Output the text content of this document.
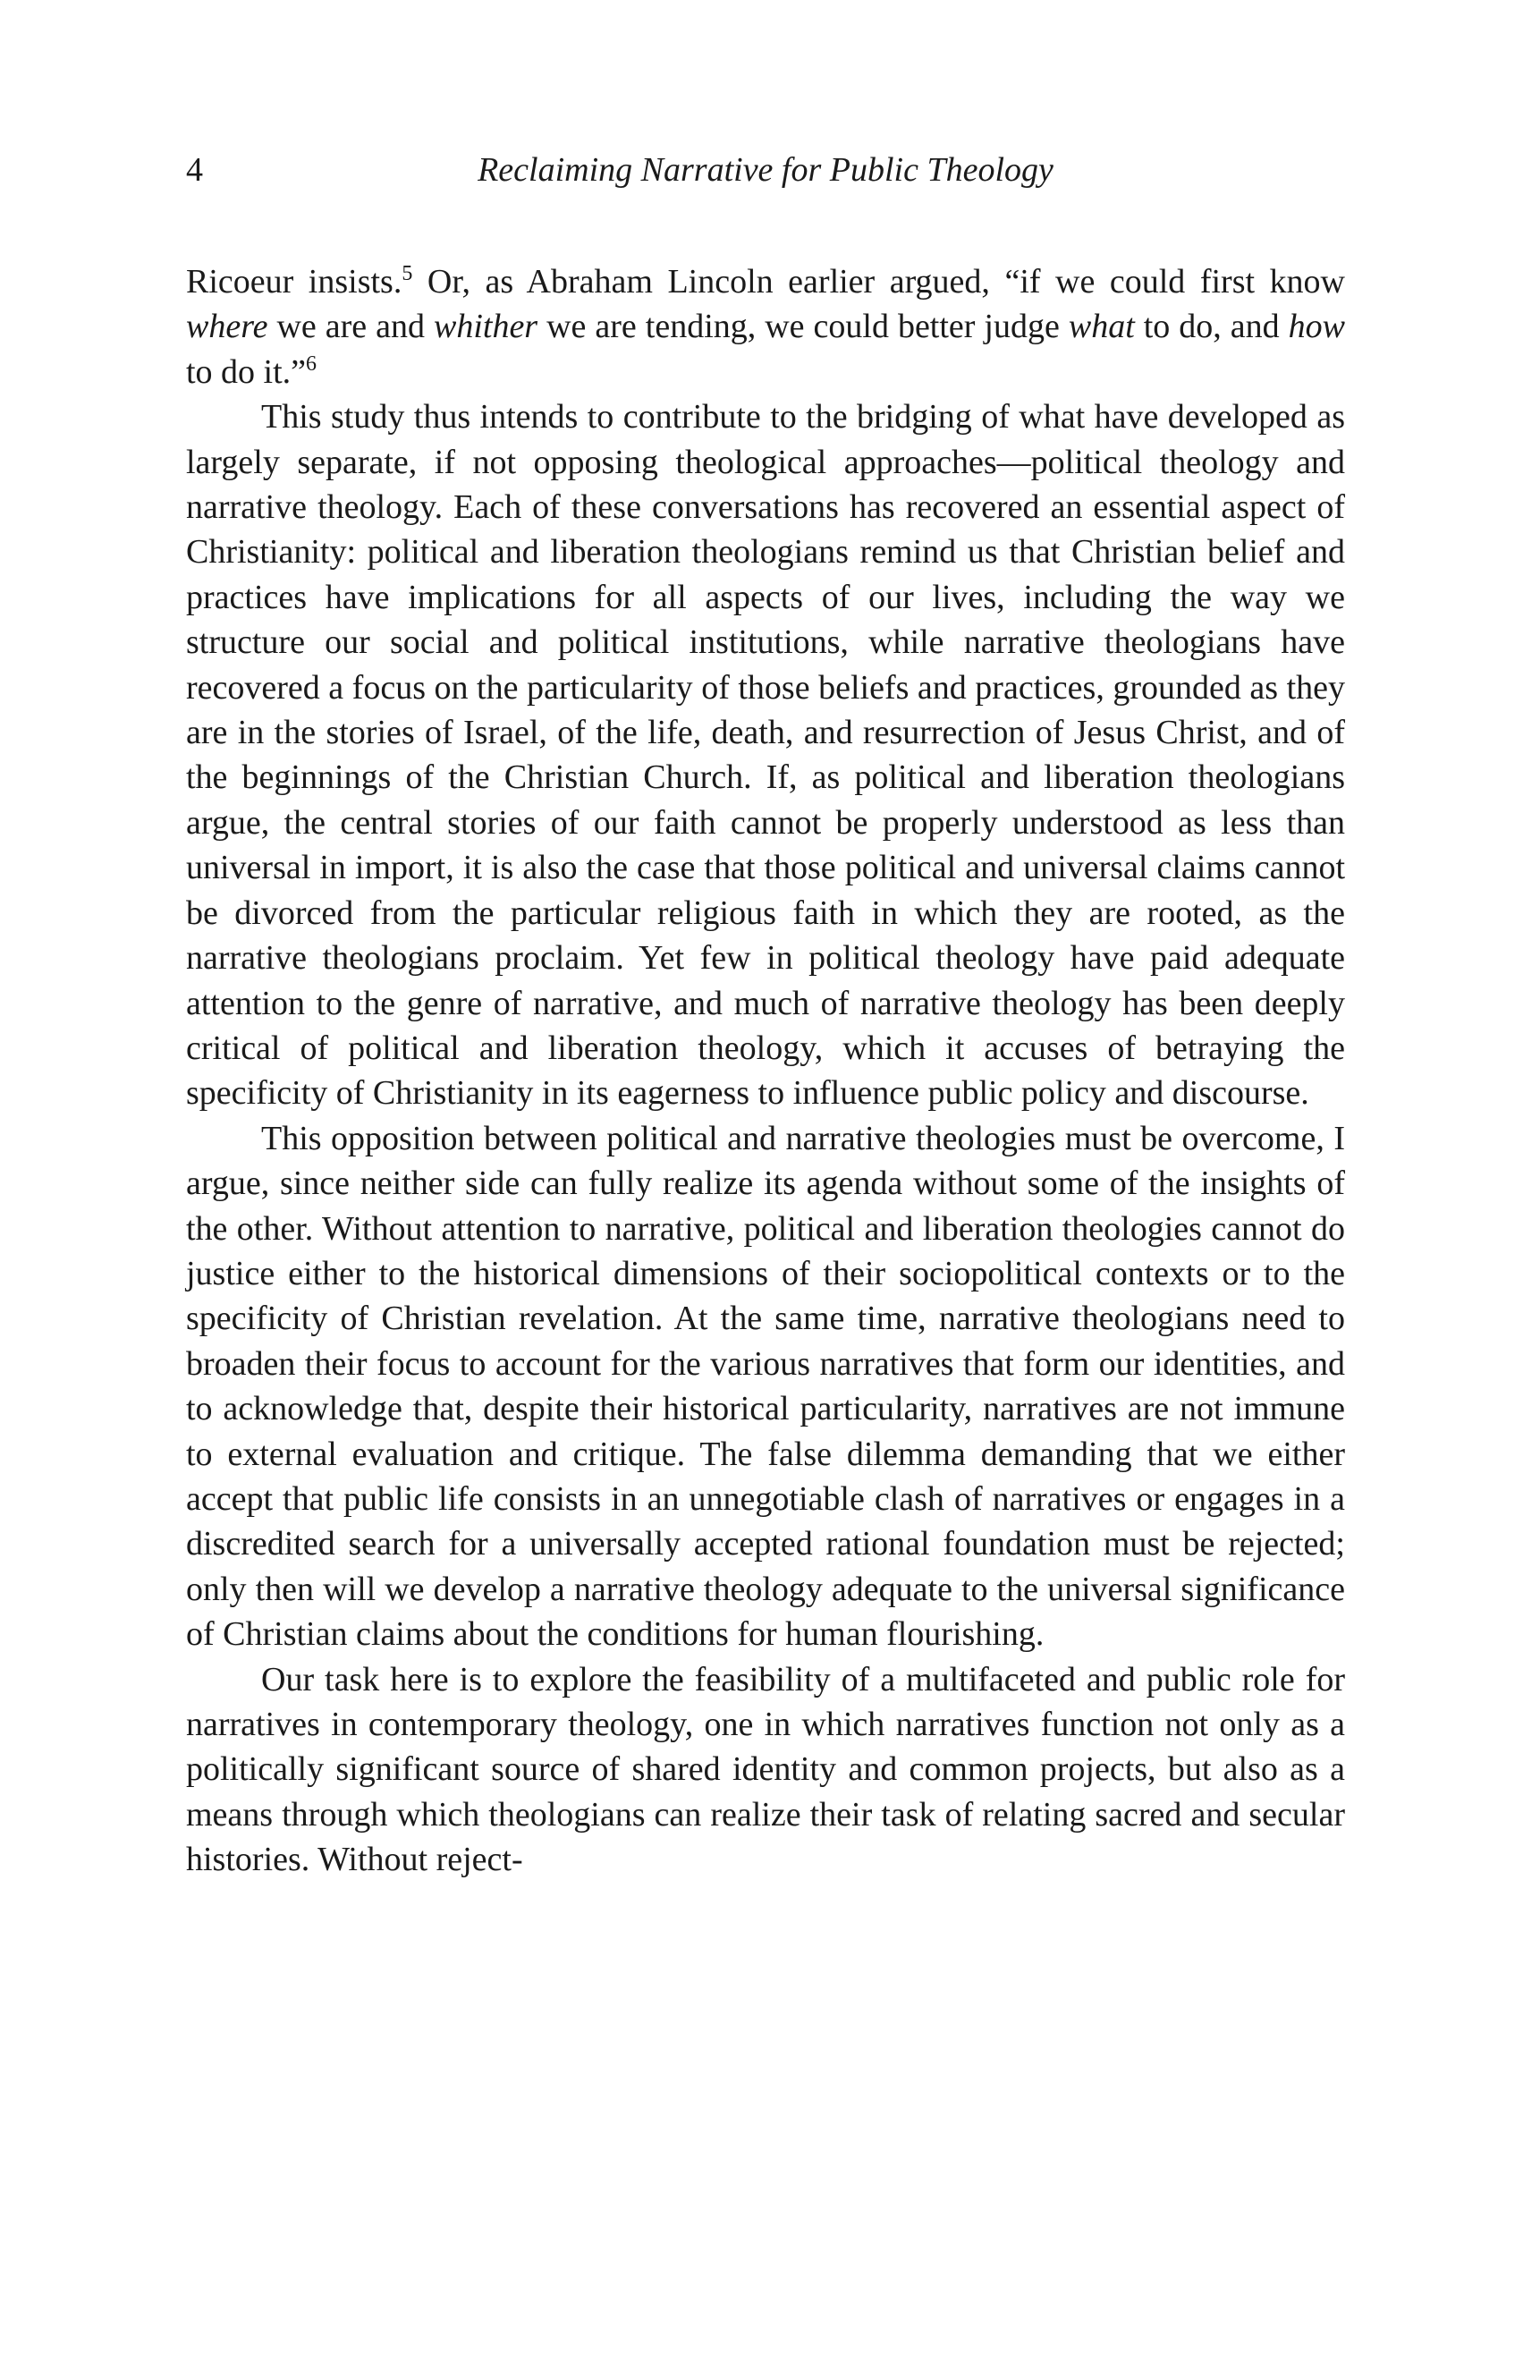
4	Reclaiming Narrative for Public Theology

Ricoeur insists.$^5$ Or, as Abraham Lincoln earlier argued, “if we could first know where we are and whither we are tending, we could better judge what to do, and how to do it.”$^6$

This study thus intends to contribute to the bridging of what have developed as largely separate, if not opposing theological approaches—political theology and narrative theology. Each of these conversations has recovered an essential aspect of Christianity: political and liberation theologians remind us that Christian belief and practices have implications for all aspects of our lives, including the way we structure our social and political institutions, while narrative theologians have recovered a focus on the particularity of those beliefs and practices, grounded as they are in the stories of Israel, of the life, death, and resurrection of Jesus Christ, and of the beginnings of the Christian Church. If, as political and liberation theologians argue, the central stories of our faith cannot be properly understood as less than universal in import, it is also the case that those political and universal claims cannot be divorced from the particular religious faith in which they are rooted, as the narrative theologians proclaim. Yet few in political theology have paid adequate attention to the genre of narrative, and much of narrative theology has been deeply critical of political and liberation theology, which it accuses of betraying the specificity of Christianity in its eagerness to influence public policy and discourse.

This opposition between political and narrative theologies must be overcome, I argue, since neither side can fully realize its agenda without some of the insights of the other. Without attention to narrative, political and liberation theologies cannot do justice either to the historical dimensions of their sociopolitical contexts or to the specificity of Christian revelation. At the same time, narrative theologians need to broaden their focus to account for the various narratives that form our identities, and to acknowledge that, despite their historical particularity, narratives are not immune to external evaluation and critique. The false dilemma demanding that we either accept that public life consists in an unnegotiable clash of narratives or engages in a discredited search for a universally accepted rational foundation must be rejected; only then will we develop a narrative theology adequate to the universal significance of Christian claims about the conditions for human flourishing.

Our task here is to explore the feasibility of a multifaceted and public role for narratives in contemporary theology, one in which narratives function not only as a politically significant source of shared identity and common projects, but also as a means through which theologians can realize their task of relating sacred and secular histories. Without reject-
